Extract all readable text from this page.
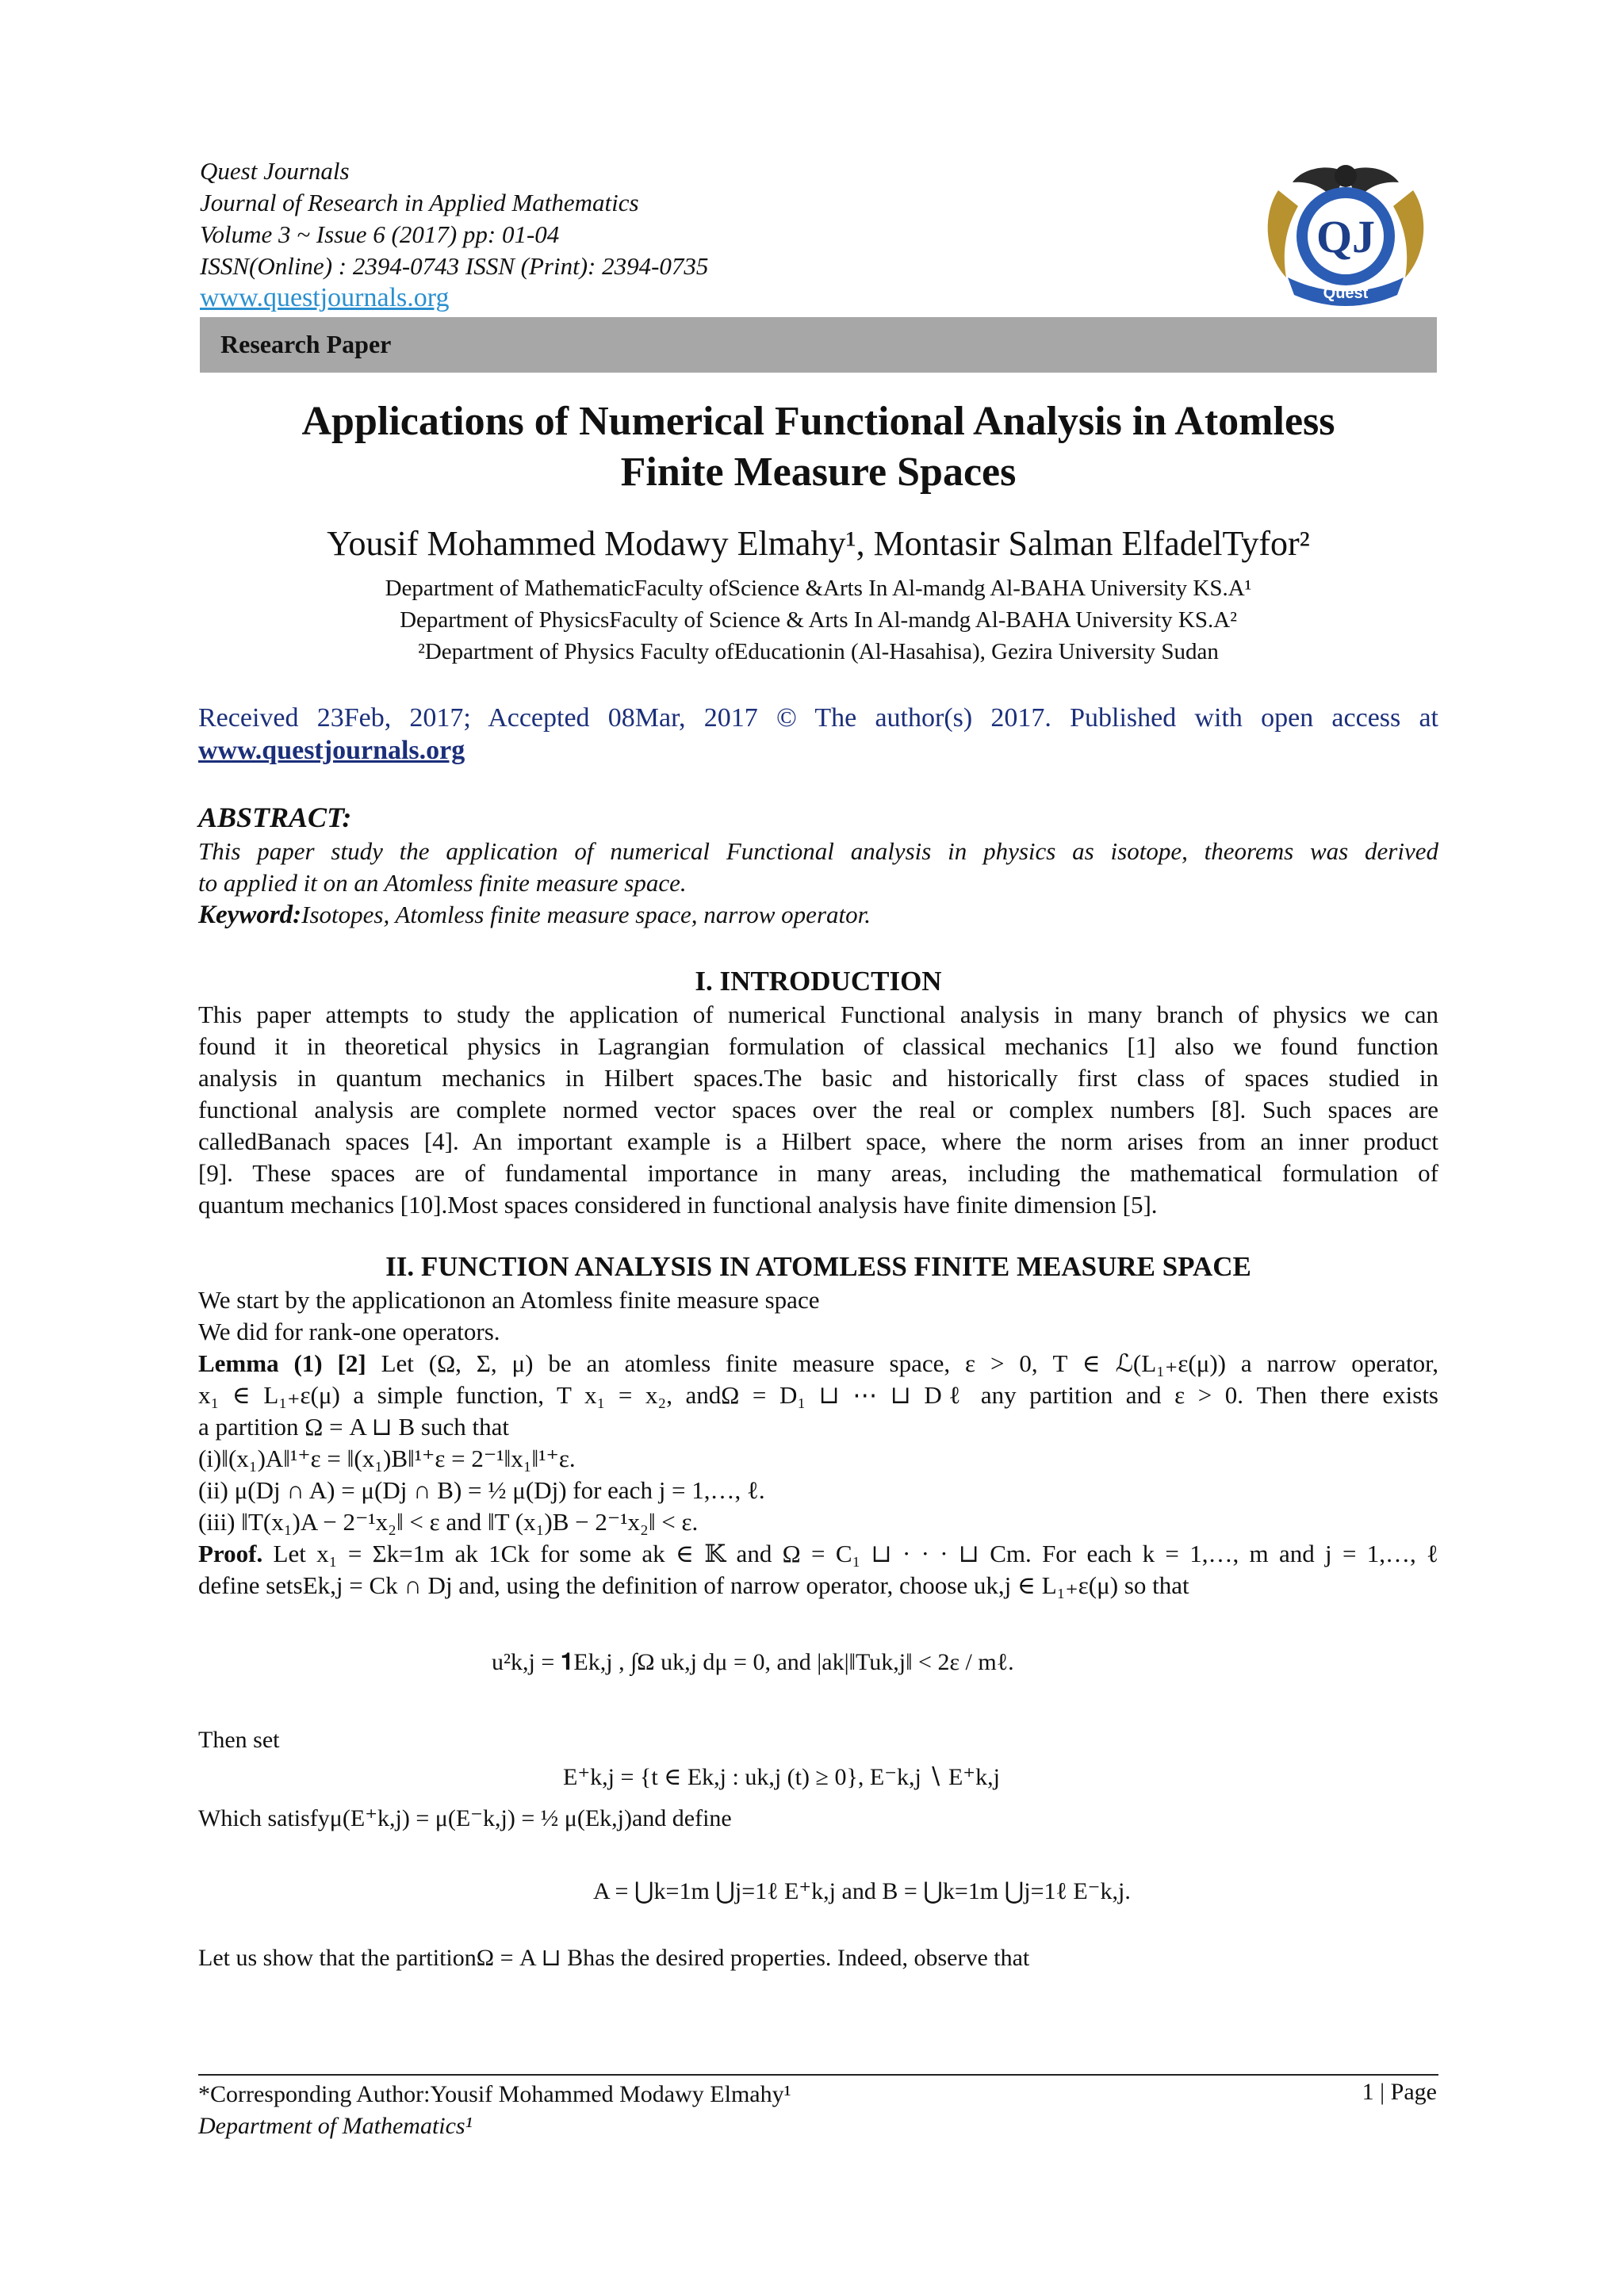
Quest Journals
Journal of Research in Applied Mathematics
Volume 3 ~ Issue 6 (2017) pp: 01-04
ISSN(Online) : 2394-0743 ISSN (Print): 2394-0735
www.questjournals.org
QJ
Quest
Research Paper
Applications of Numerical Functional Analysis in Atomless
Finite Measure Spaces
Yousif Mohammed Modawy Elmahy¹, Montasir Salman ElfadelTyfor²
Department of MathematicFaculty ofScience &Arts In Al-mandg Al-BAHA University KS.A¹
Department of PhysicsFaculty of Science & Arts In Al-mandg Al-BAHA University KS.A²
²Department of Physics Faculty ofEducationin (Al-Hasahisa), Gezira University Sudan
Received 23Feb, 2017; Accepted 08Mar, 2017 © The author(s) 2017. Published with open access at
www.questjournals.org
ABSTRACT:
This paper study the application of numerical Functional analysis in physics as isotope, theorems was derived
to applied it on an Atomless finite measure space.
Keyword:Isotopes, Atomless finite measure space, narrow operator.
I. INTRODUCTION
This paper attempts to study the application of numerical Functional analysis in many branch of physics we can
found it in theoretical physics in Lagrangian formulation of classical mechanics [1] also we found function
analysis in quantum mechanics in Hilbert spaces.The basic and historically first class of spaces studied in
functional analysis are complete normed vector spaces over the real or complex numbers [8]. Such spaces are
calledBanach spaces [4]. An important example is a Hilbert space, where the norm arises from an inner product
[9]. These spaces are of fundamental importance in many areas, including the mathematical formulation of
quantum mechanics [10].Most spaces considered in functional analysis have finite dimension [5].
II. FUNCTION ANALYSIS IN ATOMLESS FINITE MEASURE SPACE
We start by the applicationon an Atomless finite measure space
We did for rank-one operators.
Lemma (1) [2] Let (Ω, Σ, μ) be an atomless finite measure space, ε > 0, T ∈ ℒ(L₁₊ε(μ)) a narrow operator,
x₁ ∈ L₁₊ε(μ) a simple function, T x₁ = x₂, andΩ = D₁ ⊔ ⋯ ⊔ Dℓ any partition and ε > 0. Then there exists
a partition Ω = A ⊔ B such that
(i)‖(x₁)A‖¹⁺ε = ‖(x₁)B‖¹⁺ε = 2⁻¹‖x₁‖¹⁺ε.
(ii) μ(Dj ∩ A) = μ(Dj ∩ B) = ½ μ(Dj) for each j = 1,…, ℓ.
(iii) ‖T(x₁)A − 2⁻¹x₂‖ < ε and ‖T (x₁)B − 2⁻¹x₂‖ < ε.
Proof. Let x₁ = Σk=1m ak 1Ck for some ak ∈ 𝕂 and Ω = C₁ ⊔ · · · ⊔ Cm. For each k = 1,…, m and j = 1,…, ℓ
define setsEk,j = Ck ∩ Dj and, using the definition of narrow operator, choose uk,j ∈ L₁₊ε(μ) so that
u²k,j = 𝟏Ek,j , ∫Ω uk,j dμ = 0, and |ak|‖Tuk,j‖ < 2ε / mℓ.
Then set
E⁺k,j = {t ∈ Ek,j : uk,j (t) ≥ 0}, E⁻k,j ∖ E⁺k,j
Which satisfyμ(E⁺k,j) = μ(E⁻k,j) = ½ μ(Ek,j)and define
A = ⋃k=1m ⋃j=1ℓ E⁺k,j and B = ⋃k=1m ⋃j=1ℓ E⁻k,j.
Let us show that the partitionΩ = A ⊔ Bhas the desired properties. Indeed, observe that
*Corresponding Author:Yousif Mohammed Modawy Elmahy¹
Department of Mathematics¹
1 | Page
